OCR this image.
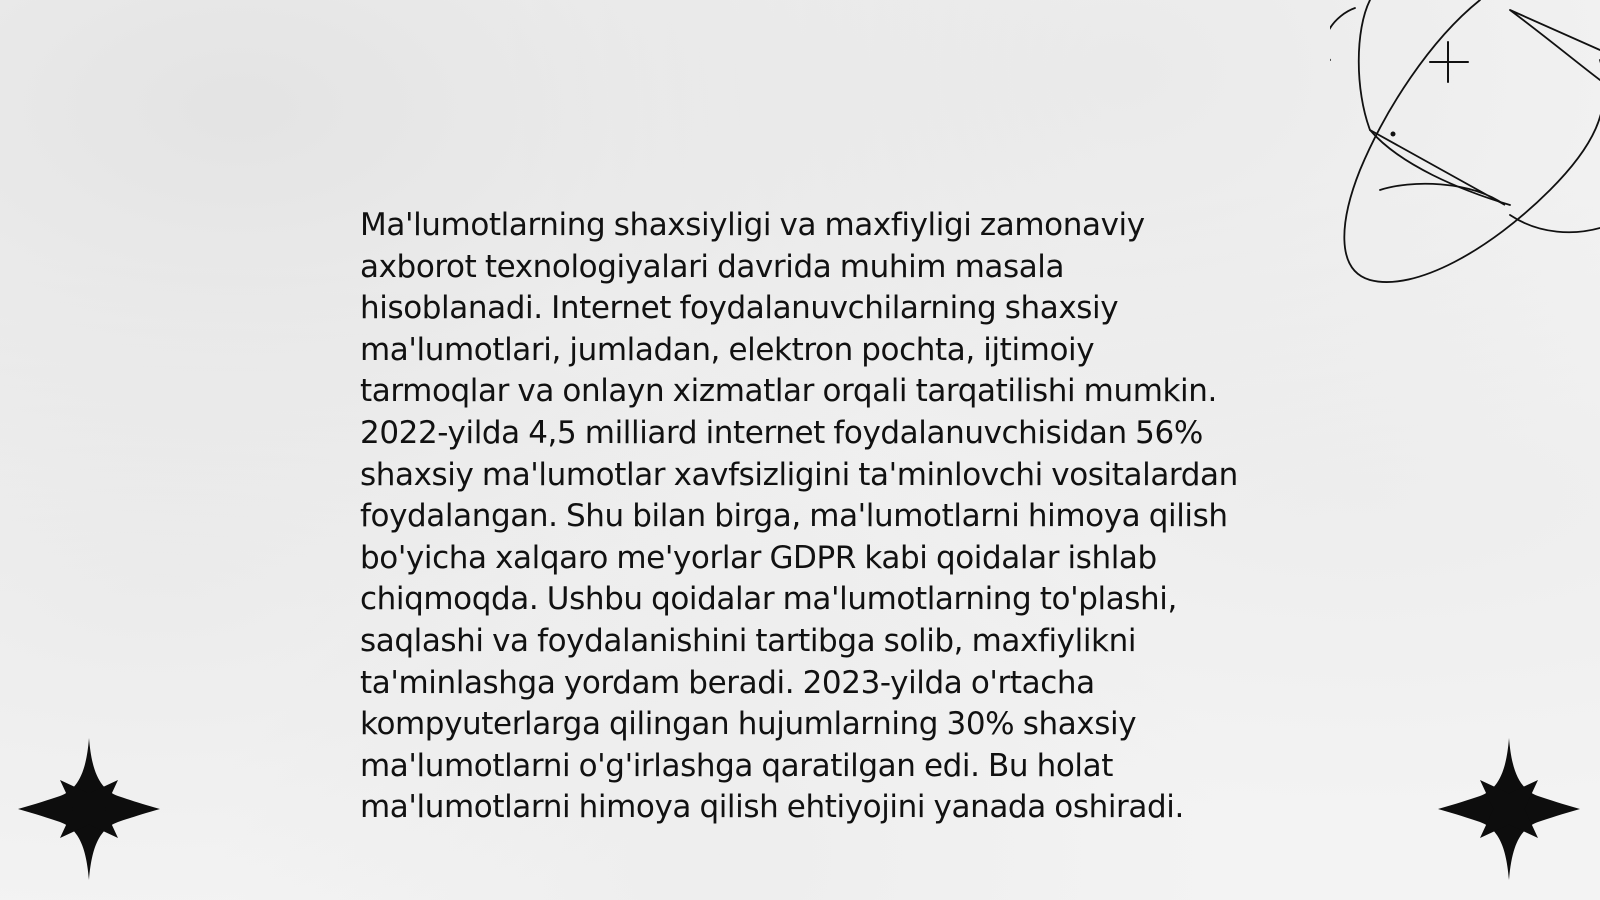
Ma'lumotlarning shaxsiyligi va maxfiyligi zamonaviy axborot texnologiyalari davrida muhim masala hisoblanadi. Internet foydalanuvchilarning shaxsiy ma'lumotlari, jumladan, elektron pochta, ijtimoiy tarmoqlar va onlayn xizmatlar orqali tarqatilishi mumkin. 2022-yilda 4,5 milliard internet foydalanuvchisidan 56% shaxsiy ma'lumotlar xavfsizligini ta'minlovchi vositalardan foydalangan. Shu bilan birga, ma'lumotlarni himoya qilish bo'yicha xalqaro me'yorlar GDPR kabi qoidalar ishlab chiqmoqda. Ushbu qoidalar ma'lumotlarning to'plashi, saqlashi va foydalanishini tartibga solib, maxfiylikni ta'minlashga yordam beradi. 2023-yilda o'rtacha kompyuterlarga qilingan hujumlarning 30% shaxsiy ma'lumotlarni o'g'irlashga qaratilgan edi. Bu holat ma'lumotlarni himoya qilish ehtiyojini yanada oshiradi.
